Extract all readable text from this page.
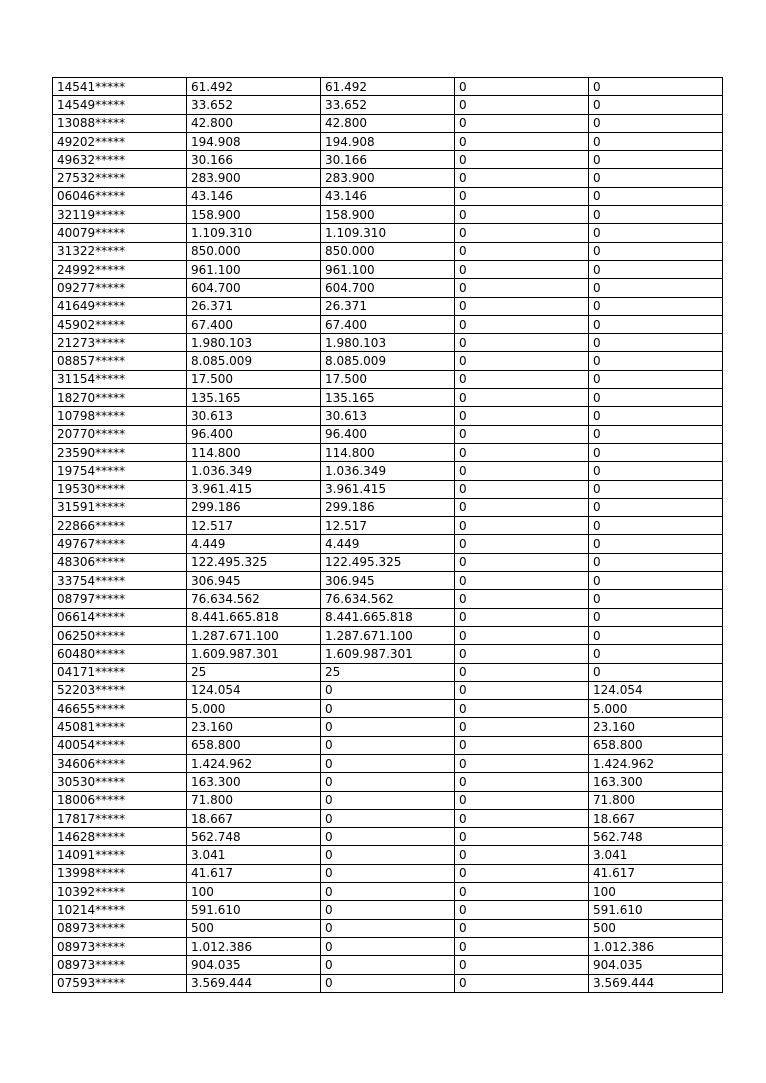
14541*****	61.492	61.492	0	0
14549*****	33.652	33.652	0	0
13088*****	42.800	42.800	0	0
49202*****	194.908	194.908	0	0
49632*****	30.166	30.166	0	0
27532*****	283.900	283.900	0	0
06046*****	43.146	43.146	0	0
32119*****	158.900	158.900	0	0
40079*****	1.109.310	1.109.310	0	0
31322*****	850.000	850.000	0	0
24992*****	961.100	961.100	0	0
09277*****	604.700	604.700	0	0
41649*****	26.371	26.371	0	0
45902*****	67.400	67.400	0	0
21273*****	1.980.103	1.980.103	0	0
08857*****	8.085.009	8.085.009	0	0
31154*****	17.500	17.500	0	0
18270*****	135.165	135.165	0	0
10798*****	30.613	30.613	0	0
20770*****	96.400	96.400	0	0
23590*****	114.800	114.800	0	0
19754*****	1.036.349	1.036.349	0	0
19530*****	3.961.415	3.961.415	0	0
31591*****	299.186	299.186	0	0
22866*****	12.517	12.517	0	0
49767*****	4.449	4.449	0	0
48306*****	122.495.325	122.495.325	0	0
33754*****	306.945	306.945	0	0
08797*****	76.634.562	76.634.562	0	0
06614*****	8.441.665.818	8.441.665.818	0	0
06250*****	1.287.671.100	1.287.671.100	0	0
60480*****	1.609.987.301	1.609.987.301	0	0
04171*****	25	25	0	0
52203*****	124.054	0	0	124.054
46655*****	5.000	0	0	5.000
45081*****	23.160	0	0	23.160
40054*****	658.800	0	0	658.800
34606*****	1.424.962	0	0	1.424.962
30530*****	163.300	0	0	163.300
18006*****	71.800	0	0	71.800
17817*****	18.667	0	0	18.667
14628*****	562.748	0	0	562.748
14091*****	3.041	0	0	3.041
13998*****	41.617	0	0	41.617
10392*****	100	0	0	100
10214*****	591.610	0	0	591.610
08973*****	500	0	0	500
08973*****	1.012.386	0	0	1.012.386
08973*****	904.035	0	0	904.035
07593*****	3.569.444	0	0	3.569.444
